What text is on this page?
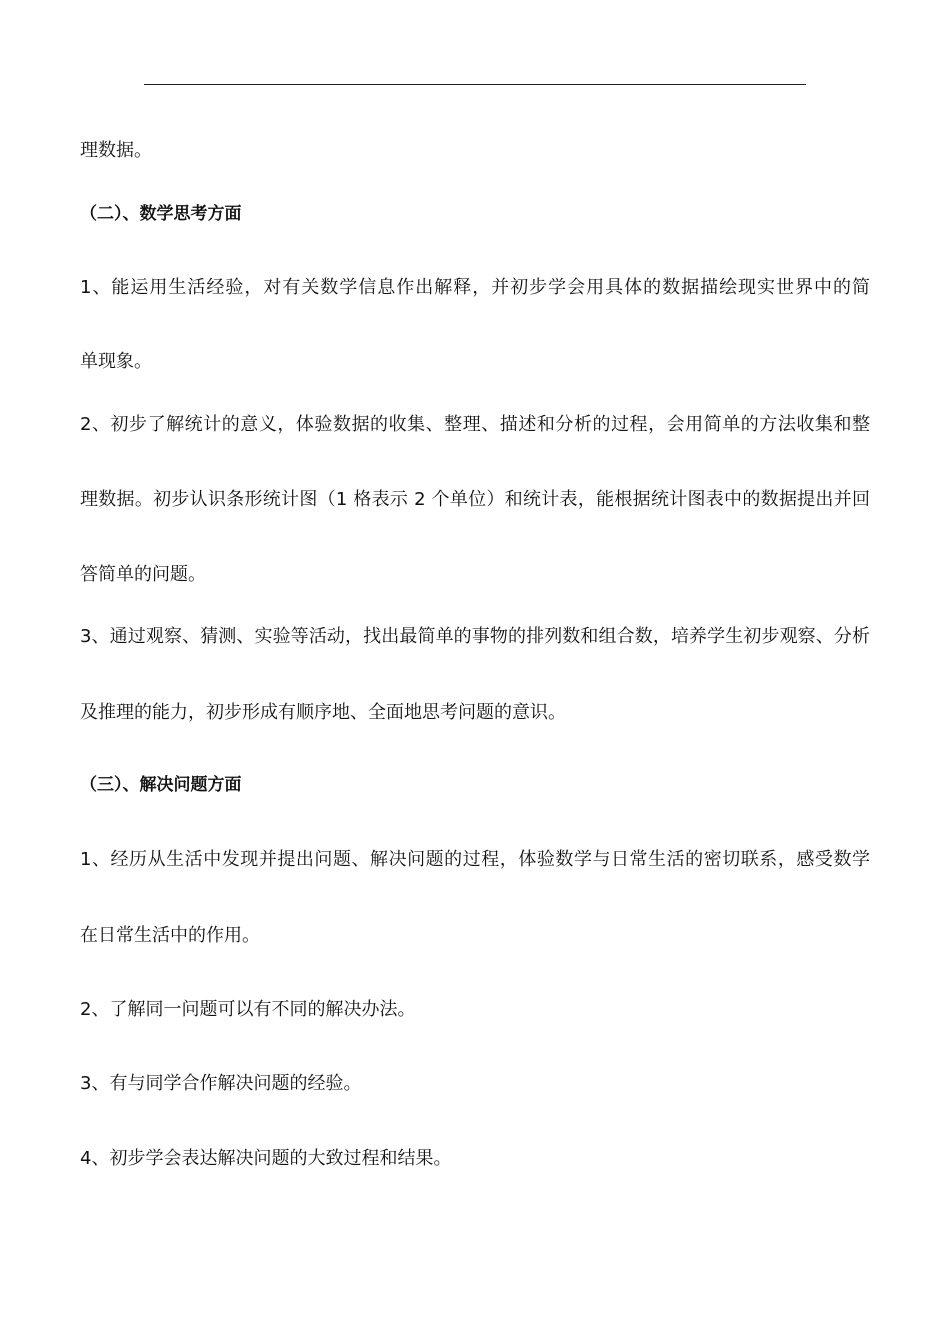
理数据。
（二）、数学思考方面
1、能运用生活经验，对有关数学信息作出解释，并初步学会用具体的数据描绘现实世界中的简
单现象。
2、初步了解统计的意义，体验数据的收集、整理、描述和分析的过程，会用简单的方法收集和整
理数据。初步认识条形统计图（1 格表示 2 个单位）和统计表，能根据统计图表中的数据提出并回
答简单的问题。
3、通过观察、猜测、实验等活动，找出最简单的事物的排列数和组合数，培养学生初步观察、分析
及推理的能力，初步形成有顺序地、全面地思考问题的意识。
（三）、解决问题方面
1、经历从生活中发现并提出问题、解决问题的过程，体验数学与日常生活的密切联系，感受数学
在日常生活中的作用。
2、了解同一问题可以有不同的解决办法。
3、有与同学合作解决问题的经验。
4、初步学会表达解决问题的大致过程和结果。
